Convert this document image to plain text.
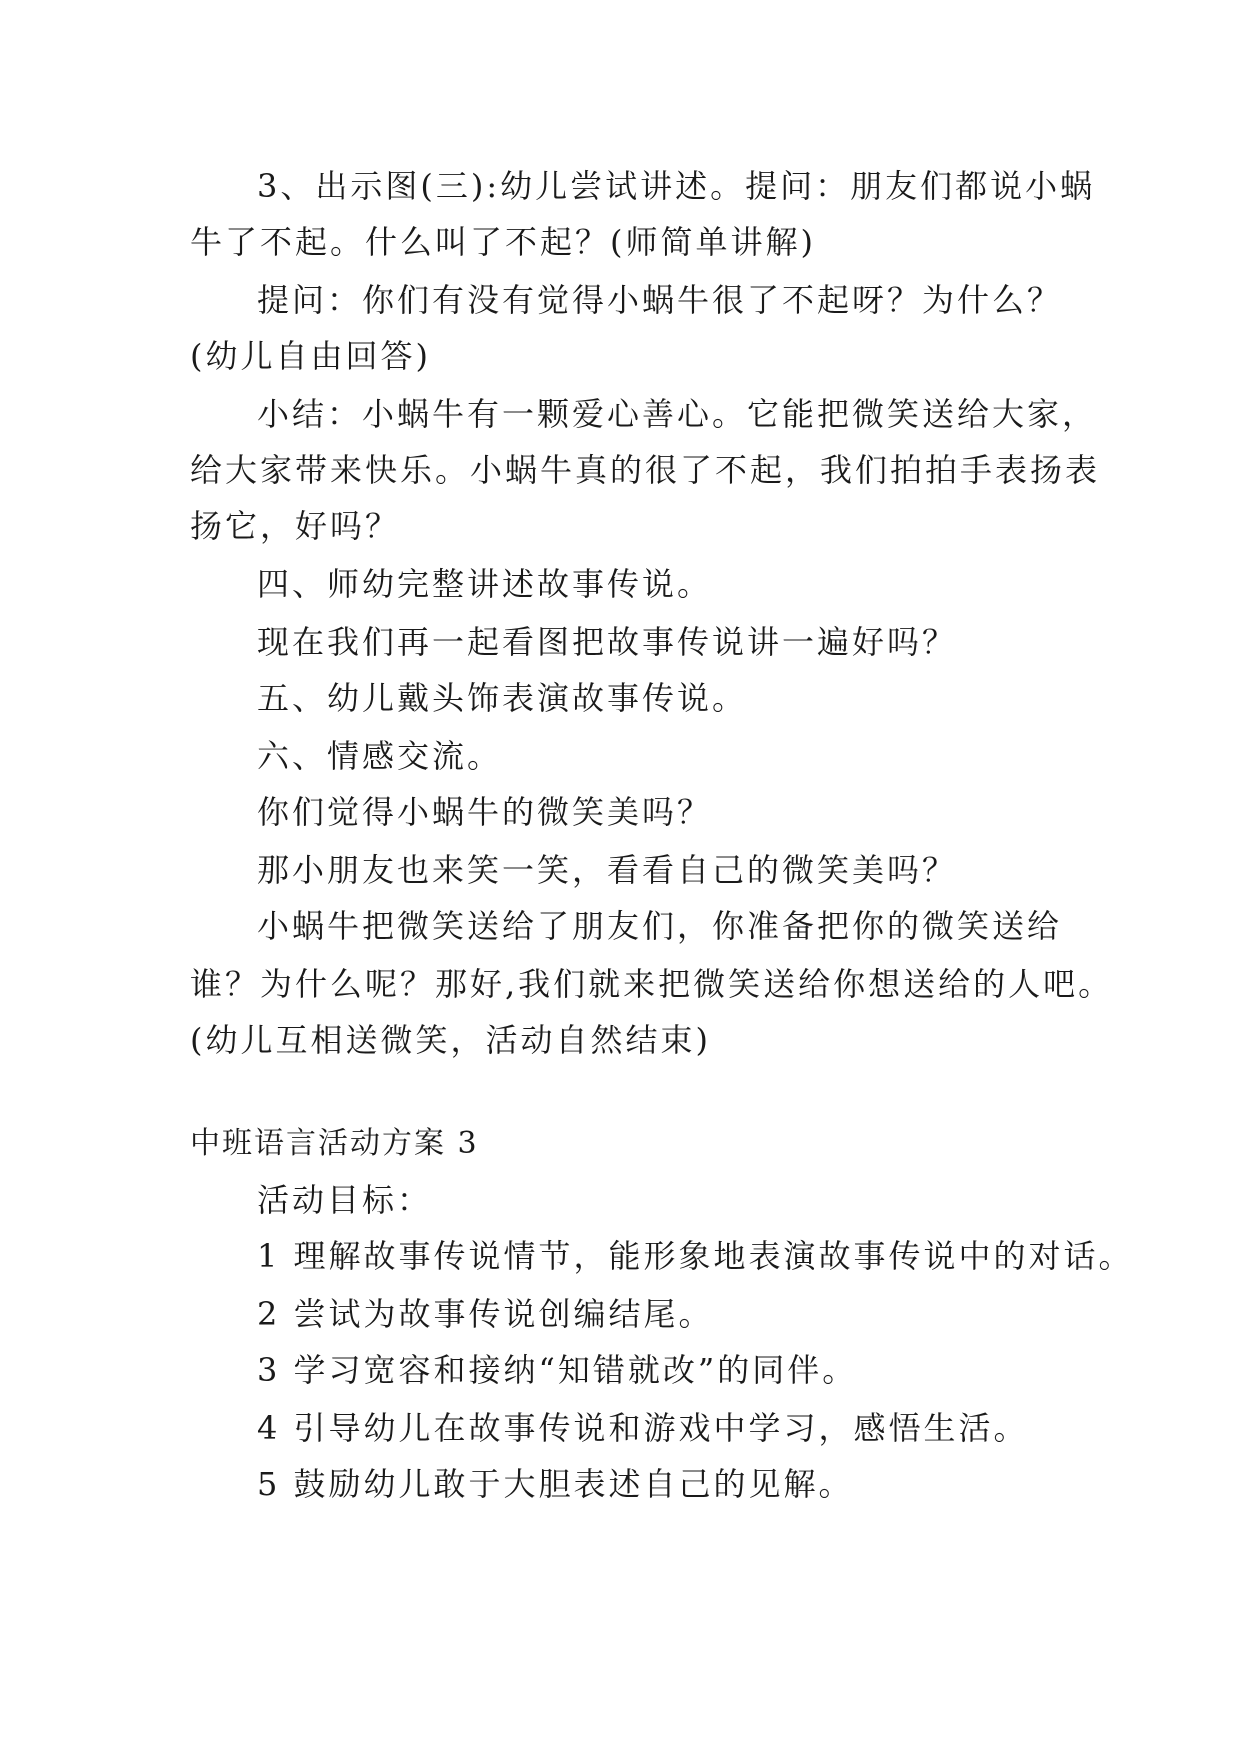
3、出示图(三):幼儿尝试讲述。提问：朋友们都说小蜗
牛了不起。什么叫了不起？(师简单讲解)
提问：你们有没有觉得小蜗牛很了不起呀？为什么？
(幼儿自由回答)
小结：小蜗牛有一颗爱心善心。它能把微笑送给大家，
给大家带来快乐。小蜗牛真的很了不起，我们拍拍手表扬表
扬它，好吗？
四、师幼完整讲述故事传说。
现在我们再一起看图把故事传说讲一遍好吗？
五、幼儿戴头饰表演故事传说。
六、情感交流。
你们觉得小蜗牛的微笑美吗？
那小朋友也来笑一笑，看看自己的微笑美吗？
小蜗牛把微笑送给了朋友们，你准备把你的微笑送给
谁？为什么呢？那好,我们就来把微笑送给你想送给的人吧。
(幼儿互相送微笑，活动自然结束)
中班语言活动方案 3
活动目标：
1 理解故事传说情节，能形象地表演故事传说中的对话。
2 尝试为故事传说创编结尾。
3 学习宽容和接纳“知错就改”的同伴。
4 引导幼儿在故事传说和游戏中学习，感悟生活。
5 鼓励幼儿敢于大胆表述自己的见解。
